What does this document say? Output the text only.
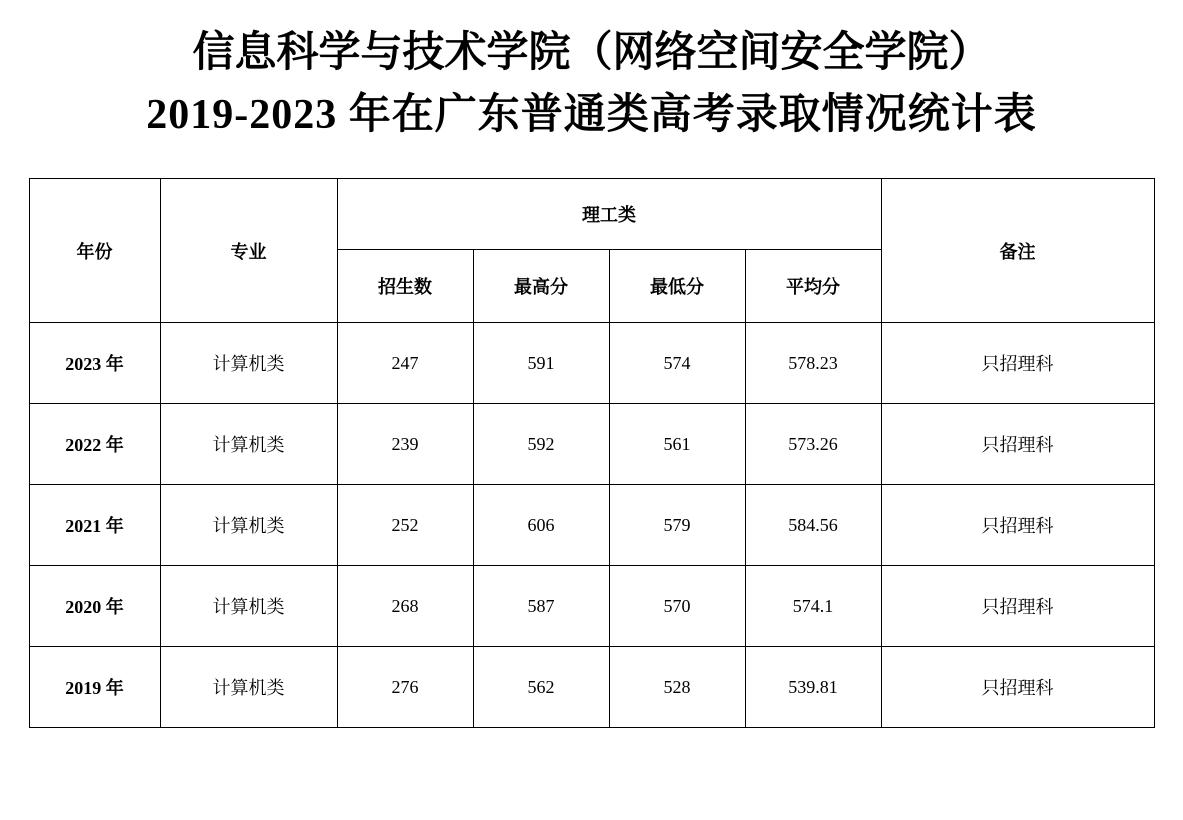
信息科学与技术学院（网络空间安全学院）
2019-2023 年在广东普通类高考录取情况统计表
年份	专业	理工类				备注
		招生数	最高分	最低分	平均分	
2023 年	计算机类	247	591	574	578.23	只招理科
2022 年	计算机类	239	592	561	573.26	只招理科
2021 年	计算机类	252	606	579	584.56	只招理科
2020 年	计算机类	268	587	570	574.1	只招理科
2019 年	计算机类	276	562	528	539.81	只招理科
